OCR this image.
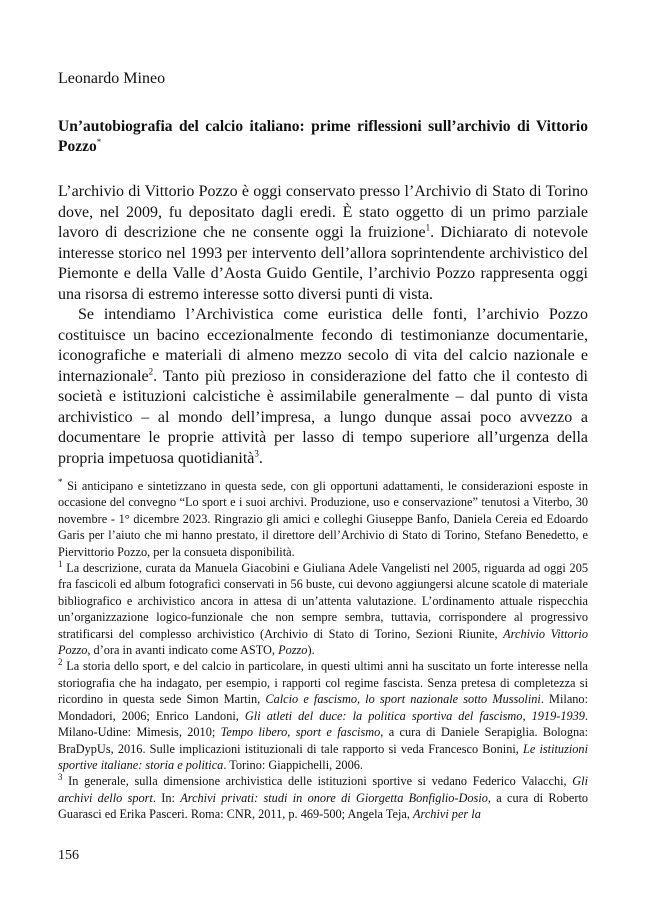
Leonardo Mineo
Un’autobiografia del calcio italiano: prime riflessioni sull’archivio di Vittorio Pozzo*

L’archivio di Vittorio Pozzo è oggi conservato presso l’Archivio di Stato di Torino dove, nel 2009, fu depositato dagli eredi. È stato oggetto di un primo parziale lavoro di descrizione che ne consente oggi la fruizione$^1$. Dichiarato di notevole interesse storico nel 1993 per intervento dell’allora soprintendente archivistico del Piemonte e della Valle d’Aosta Guido Gentile, l’archivio Pozzo rappresenta oggi una risorsa di estremo interesse sotto diversi punti di vista.

Se intendiamo l’Archivistica come euristica delle fonti, l’archivio Pozzo costituisce un bacino eccezionalmente fecondo di testimonianze documentarie, iconografiche e materiali di almeno mezzo secolo di vita del calcio nazionale e internazionale$^2$. Tanto più prezioso in considerazione del fatto che il contesto di società e istituzioni calcistiche è assimilabile generalmente – dal punto di vista archivistico – al mondo dell’impresa, a lungo dunque assai poco avvezzo a documentare le proprie attività per lasso di tempo superiore all’urgenza della propria impetuosa quotidianità$^3$.

* Si anticipano e sintetizzano in questa sede, con gli opportuni adattamenti, le considerazioni esposte in occasione del convegno “Lo sport e i suoi archivi. Produzione, uso e conservazione” tenutosi a Viterbo, 30 novembre - 1° dicembre 2023. Ringrazio gli amici e colleghi Giuseppe Banfo, Daniela Cereia ed Edoardo Garis per l’aiuto che mi hanno prestato, il direttore dell’Archivio di Stato di Torino, Stefano Benedetto, e Piervittorio Pozzo, per la consueta disponibilità.

$^1$ La descrizione, curata da Manuela Giacobini e Giuliana Adele Vangelisti nel 2005, riguarda ad oggi 205 fra fascicoli ed album fotografici conservati in 56 buste, cui devono aggiungersi alcune scatole di materiale bibliografico e archivistico ancora in attesa di un’attenta valutazione. L’ordinamento attuale rispecchia un’organizzazione logico-funzionale che non sempre sembra, tuttavia, corrispondere al progressivo stratificarsi del complesso archivistico (Archivio di Stato di Torino, Sezioni Riunite, Archivio Vittorio Pozzo, d’ora in avanti indicato come ASTO, Pozzo).

$^2$ La storia dello sport, e del calcio in particolare, in questi ultimi anni ha suscitato un forte interesse nella storiografia che ha indagato, per esempio, i rapporti col regime fascista. Senza pretesa di completezza si ricordino in questa sede Simon Martin, Calcio e fascismo, lo sport nazionale sotto Mussolini. Milano: Mondadori, 2006; Enrico Landoni, Gli atleti del duce: la politica sportiva del fascismo, 1919-1939. Milano-Udine: Mimesis, 2010; Tempo libero, sport e fascismo, a cura di Daniele Serapiglia. Bologna: BraDypUs, 2016. Sulle implicazioni istituzionali di tale rapporto si veda Francesco Bonini, Le istituzioni sportive italiane: storia e politica. Torino: Giappichelli, 2006.

$^3$ In generale, sulla dimensione archivistica delle istituzioni sportive si vedano Federico Valacchi, Gli archivi dello sport. In: Archivi privati: studi in onore di Giorgetta Bonfiglio-Dosio, a cura di Roberto Guarasci ed Erika Pasceri. Roma: CNR, 2011, p. 469-500; Angela Teja, Archivi per la

156
